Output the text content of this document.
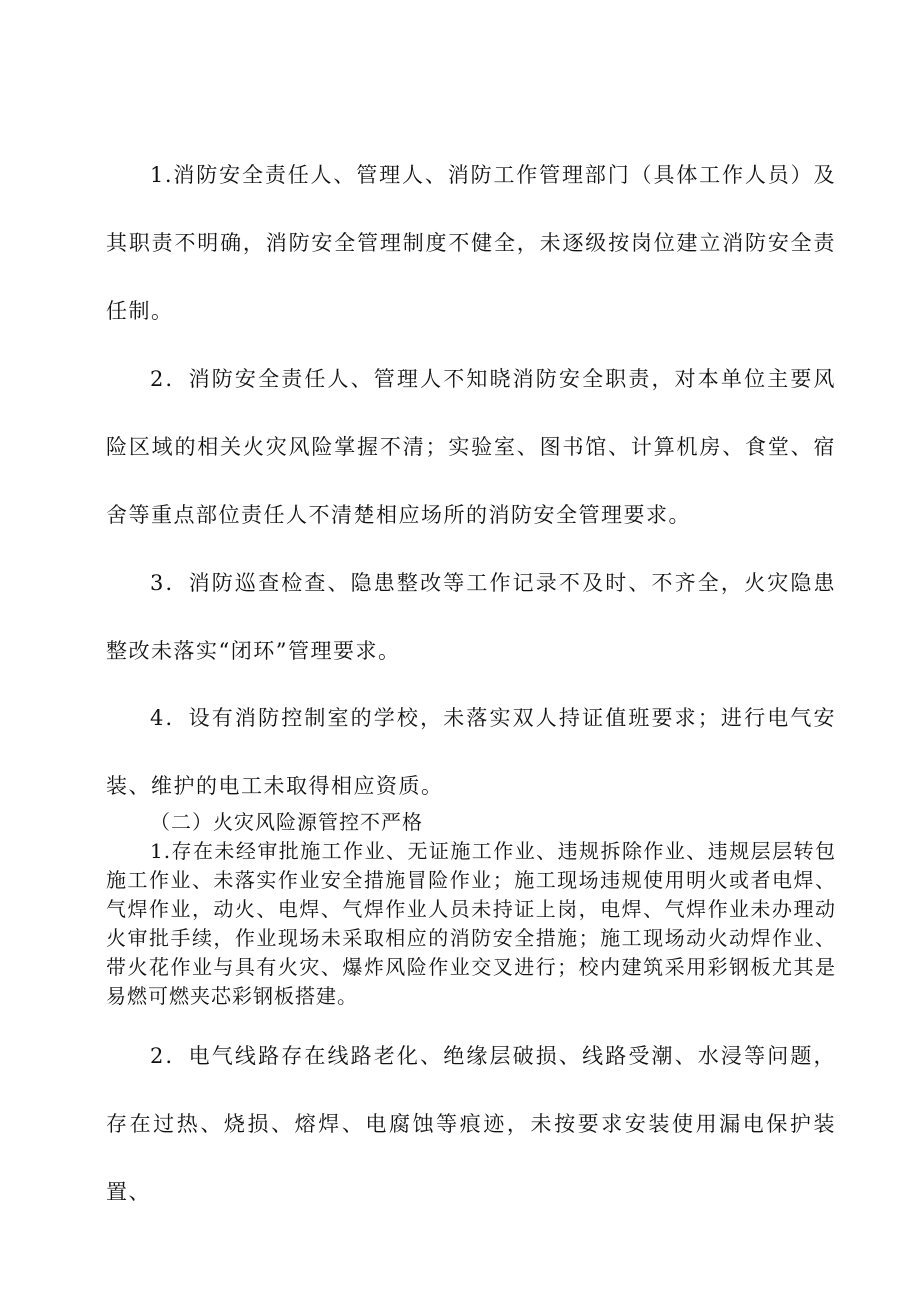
1.消防安全责任人、管理人、消防工作管理部门（具体工作人员）及其职责不明确，消防安全管理制度不健全，未逐级按岗位建立消防安全责任制。

2．消防安全责任人、管理人不知晓消防安全职责，对本单位主要风险区域的相关火灾风险掌握不清；实验室、图书馆、计算机房、食堂、宿舍等重点部位责任人不清楚相应场所的消防安全管理要求。

3．消防巡查检查、隐患整改等工作记录不及时、不齐全，火灾隐患整改未落实“闭环”管理要求。

4．设有消防控制室的学校，未落实双人持证值班要求；进行电气安装、维护的电工未取得相应资质。

（二）火灾风险源管控不严格

1.存在未经审批施工作业、无证施工作业、违规拆除作业、违规层层转包施工作业、未落实作业安全措施冒险作业；施工现场违规使用明火或者电焊、气焊作业，动火、电焊、气焊作业人员未持证上岗，电焊、气焊作业未办理动火审批手续，作业现场未采取相应的消防安全措施；施工现场动火动焊作业、带火花作业与具有火灾、爆炸风险作业交叉进行；校内建筑采用彩钢板尤其是易燃可燃夹芯彩钢板搭建。

2．电气线路存在线路老化、绝缘层破损、线路受潮、水浸等问题，存在过热、烧损、熔焊、电腐蚀等痕迹，未按要求安装使用漏电保护装置、
